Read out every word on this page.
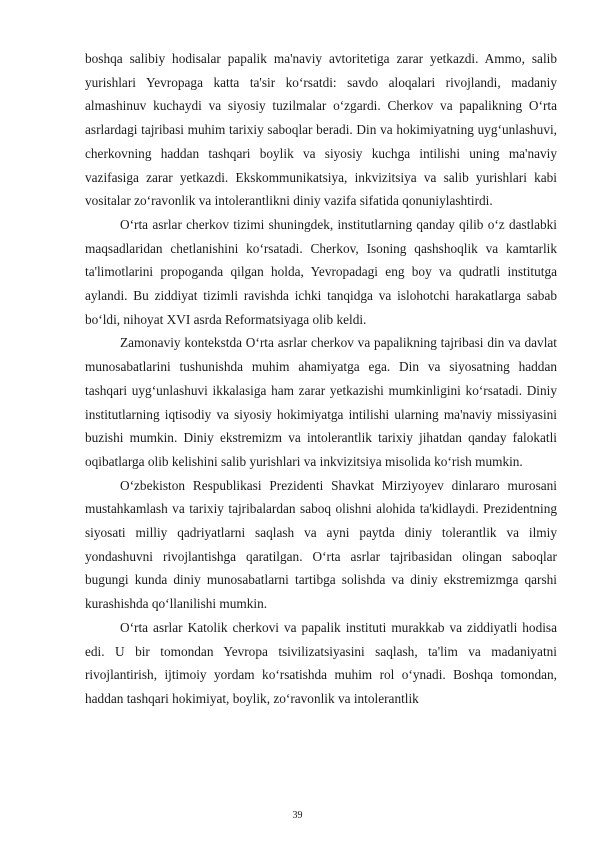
boshqa salibiy hodisalar papalik ma'naviy avtoritetiga zarar yetkazdi. Ammo, salib yurishlari Yevropaga katta ta'sir ko‘rsatdi: savdo aloqalari rivojlandi, madaniy almashinuv kuchaydi va siyosiy tuzilmalar o‘zgardi. Cherkov va papalikning O‘rta asrlardagi tajribasi muhim tarixiy saboqlar beradi. Din va hokimiyatning uyg‘unlashuvi, cherkovning haddan tashqari boylik va siyosiy kuchga intilishi uning ma'naviy vazifasiga zarar yetkazdi. Ekskommunikatsiya, inkvizitsiya va salib yurishlari kabi vositalar zo‘ravonlik va intolerantlikni diniy vazifa sifatida qonuniylashtirdi.

O‘rta asrlar cherkov tizimi shuningdek, institutlarning qanday qilib o‘z dastlabki maqsadlaridan chetlanishini ko‘rsatadi. Cherkov, Isoning qashshoqlik va kamtarlik ta'limotlarini propoganda qilgan holda, Yevropadagi eng boy va qudratli institutga aylandi. Bu ziddiyat tizimli ravishda ichki tanqidga va islohotchi harakatlarga sabab bo‘ldi, nihoyat XVI asrda Reformatsiyaga olib keldi.

Zamonaviy kontekstda O‘rta asrlar cherkov va papalikning tajribasi din va davlat munosabatlarini tushunishda muhim ahamiyatga ega. Din va siyosatning haddan tashqari uyg‘unlashuvi ikkalasiga ham zarar yetkazishi mumkinligini ko‘rsatadi. Diniy institutlarning iqtisodiy va siyosiy hokimiyatga intilishi ularning ma'naviy missiyasini buzishi mumkin. Diniy ekstremizm va intolerantlik tarixiy jihatdan qanday falokatli oqibatlarga olib kelishini salib yurishlari va inkvizitsiya misolida ko‘rish mumkin.

O‘zbekiston Respublikasi Prezidenti Shavkat Mirziyoyev dinlararo murosani mustahkamlash va tarixiy tajribalardan saboq olishni alohida ta'kidlaydi. Prezidentning siyosati milliy qadriyatlarni saqlash va ayni paytda diniy tolerantlik va ilmiy yondashuvni rivojlantishga qaratilgan. O‘rta asrlar tajribasidan olingan saboqlar bugungi kunda diniy munosabatlarni tartibga solishda va diniy ekstremizmga qarshi kurashishda qo‘llanilishi mumkin.

O‘rta asrlar Katolik cherkovi va papalik instituti murakkab va ziddiyatli hodisa edi. U bir tomondan Yevropa tsivilizatsiyasini saqlash, ta'lim va madaniyatni rivojlantirish, ijtimoiy yordam ko‘rsatishda muhim rol o‘ynadi. Boshqa tomondan, haddan tashqari hokimiyat, boylik, zo‘ravonlik va intolerantlik

39
